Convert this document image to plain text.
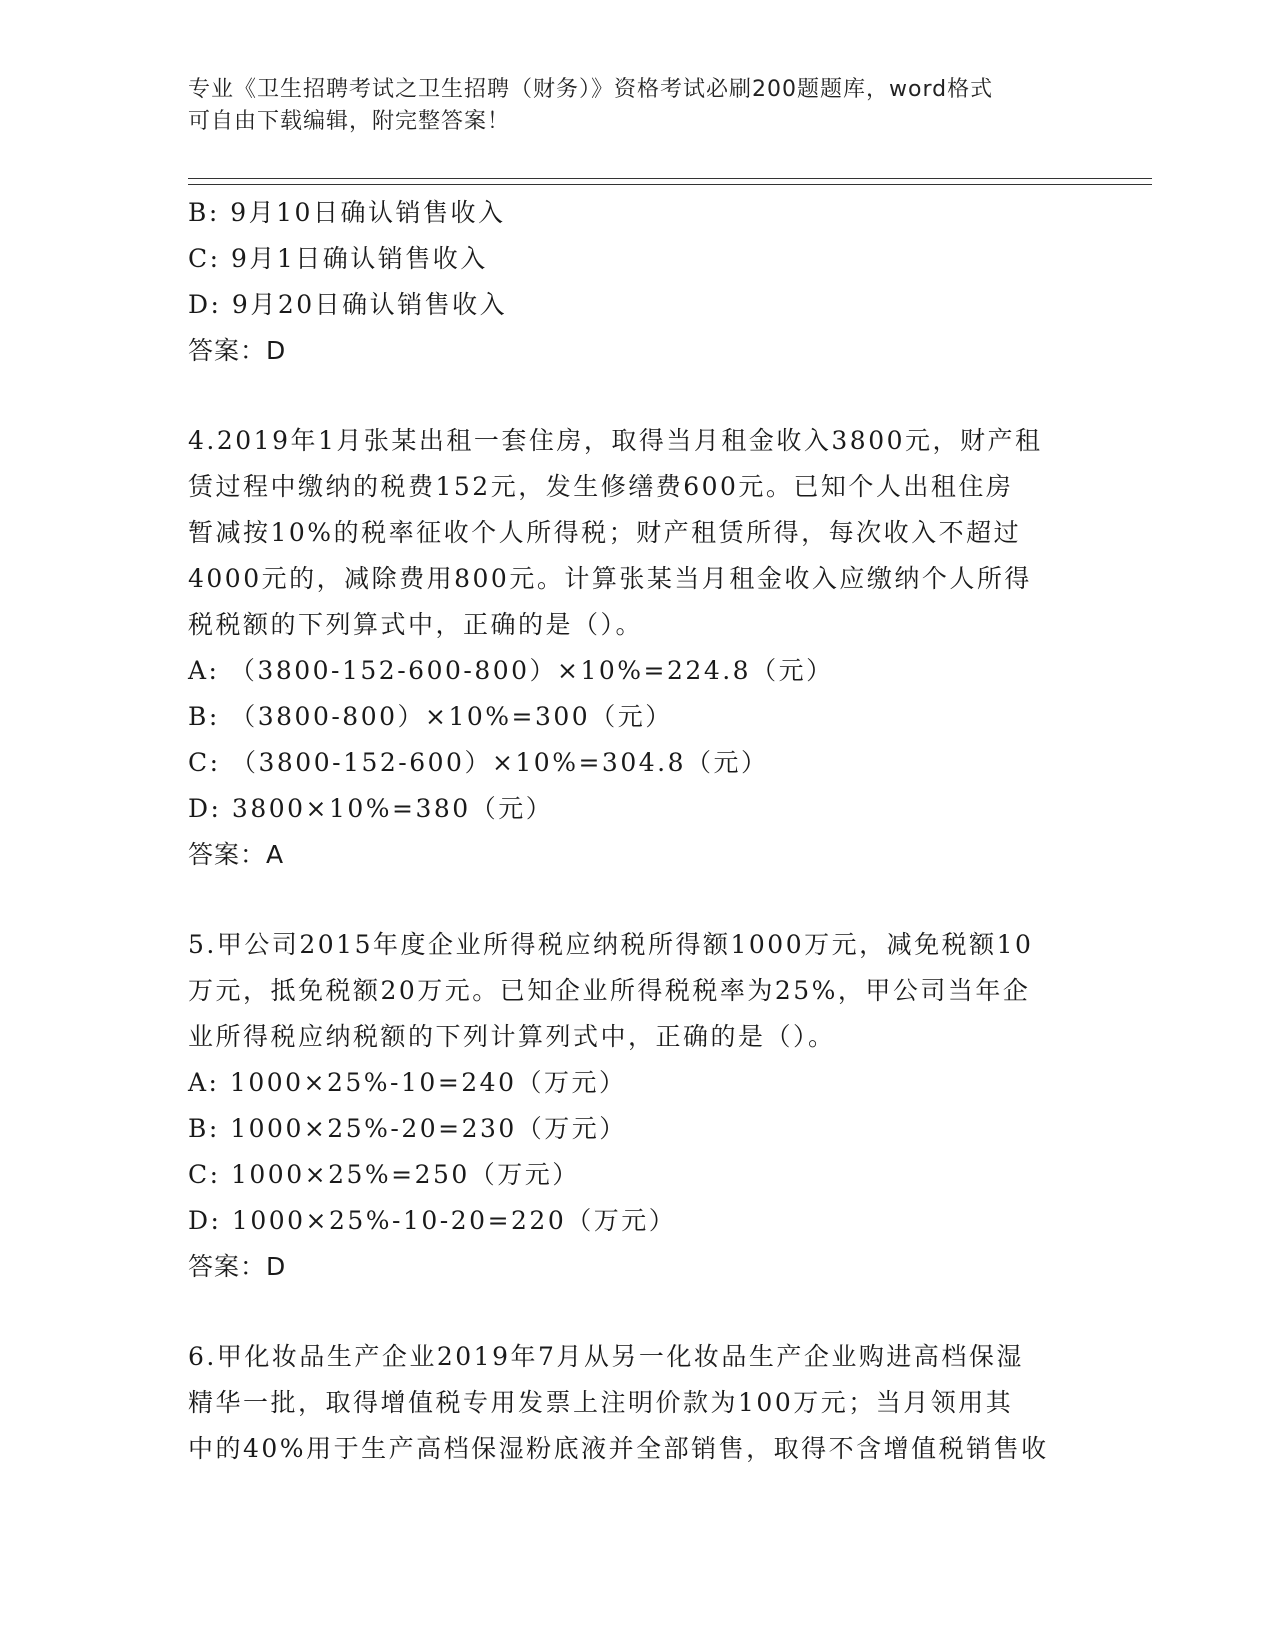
专业《卫生招聘考试之卫生招聘（财务）》资格考试必刷200题题库，word格式
可自由下载编辑，附完整答案！
B: 9月10日确认销售收入
C: 9月1日确认销售收入
D: 9月20日确认销售收入
答案：D
4.2019年1月张某出租一套住房，取得当月租金收入3800元，财产租
赁过程中缴纳的税费152元，发生修缮费600元。已知个人出租住房
暂减按10%的税率征收个人所得税；财产租赁所得，每次收入不超过
4000元的，减除费用800元。计算张某当月租金收入应缴纳个人所得
税税额的下列算式中，正确的是（）。
A: （3800-152-600-800）×10%=224.8（元）
B: （3800-800）×10%=300（元）
C: （3800-152-600）×10%=304.8（元）
D: 3800×10%=380（元）
答案：A
5.甲公司2015年度企业所得税应纳税所得额1000万元，减免税额10
万元，抵免税额20万元。已知企业所得税税率为25%，甲公司当年企
业所得税应纳税额的下列计算列式中，正确的是（）。
A: 1000×25%-10=240（万元）
B: 1000×25%-20=230（万元）
C: 1000×25%=250（万元）
D: 1000×25%-10-20=220（万元）
答案：D
6.甲化妆品生产企业2019年7月从另一化妆品生产企业购进高档保湿
精华一批，取得增值税专用发票上注明价款为100万元；当月领用其
中的40%用于生产高档保湿粉底液并全部销售，取得不含增值税销售收
